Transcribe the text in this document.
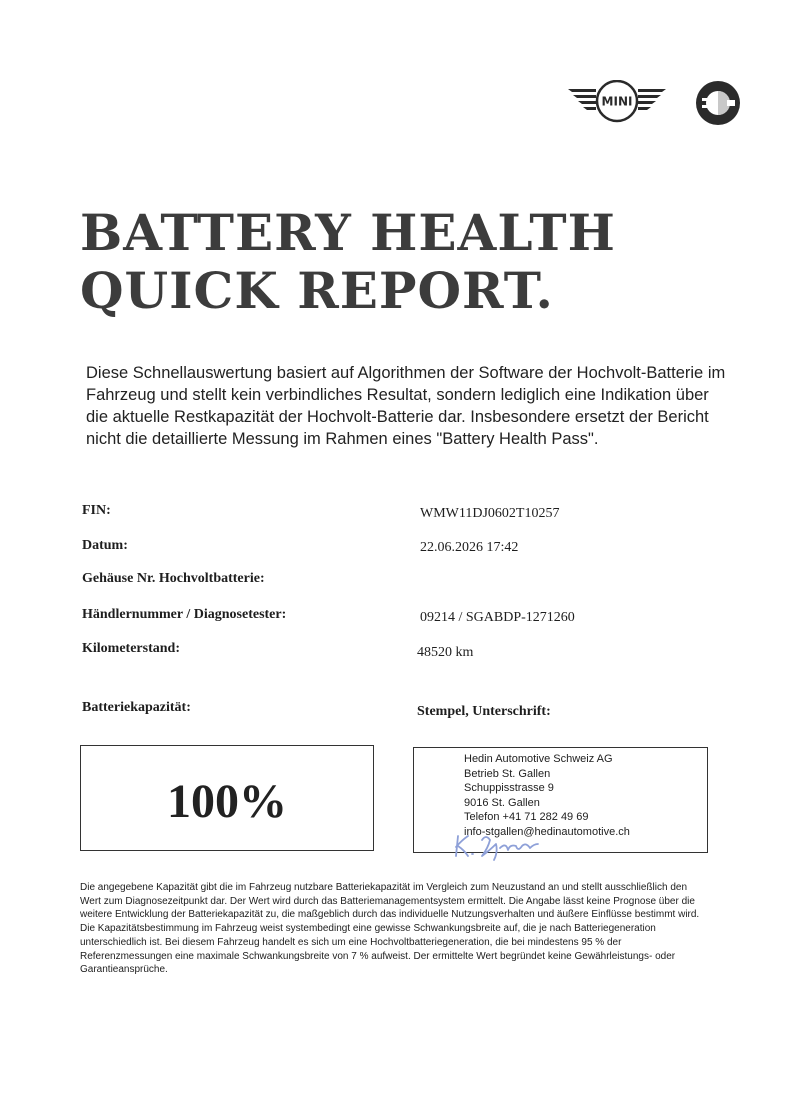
MINI
BATTERY HEALTH
QUICK REPORT.

Diese Schnellauswertung basiert auf Algorithmen der Software der Hochvolt-Batterie im Fahrzeug und stellt kein verbindliches Resultat, sondern lediglich eine Indikation über die aktuelle Restkapazität der Hochvolt-Batterie dar. Insbesondere ersetzt der Bericht nicht die detaillierte Messung im Rahmen eines "Battery Health Pass".

FIN:	WMW11DJ0602T10257
Datum:	22.06.2026 17:42
Gehäuse Nr. Hochvoltbatterie:
Händlernummer / Diagnosetester:	09214 / SGABDP-1271260
Kilometerstand:	48520 km
Batteriekapazität:	Stempel, Unterschrift:
100%
Hedin Automotive Schweiz AG
Betrieb St. Gallen
Schuppisstrasse 9
9016 St. Gallen
Telefon +41 71 282 49 69
info-stgallen@hedinautomotive.ch

Die angegebene Kapazität gibt die im Fahrzeug nutzbare Batteriekapazität im Vergleich zum Neuzustand an und stellt ausschließlich den Wert zum Diagnosezeitpunkt dar. Der Wert wird durch das Batteriemanagementsystem ermittelt. Die Angabe lässt keine Prognose über die weitere Entwicklung der Batteriekapazität zu, die maßgeblich durch das individuelle Nutzungsverhalten und äußere Einflüsse bestimmt wird. Die Kapazitätsbestimmung im Fahrzeug weist systembedingt eine gewisse Schwankungsbreite auf, die je nach Batteriegeneration unterschiedlich ist. Bei diesem Fahrzeug handelt es sich um eine Hochvoltbatteriegeneration, die bei mindestens 95 % der Referenzmessungen eine maximale Schwankungsbreite von 7 % aufweist. Der ermittelte Wert begründet keine Gewährleistungs- oder Garantieansprüche.
